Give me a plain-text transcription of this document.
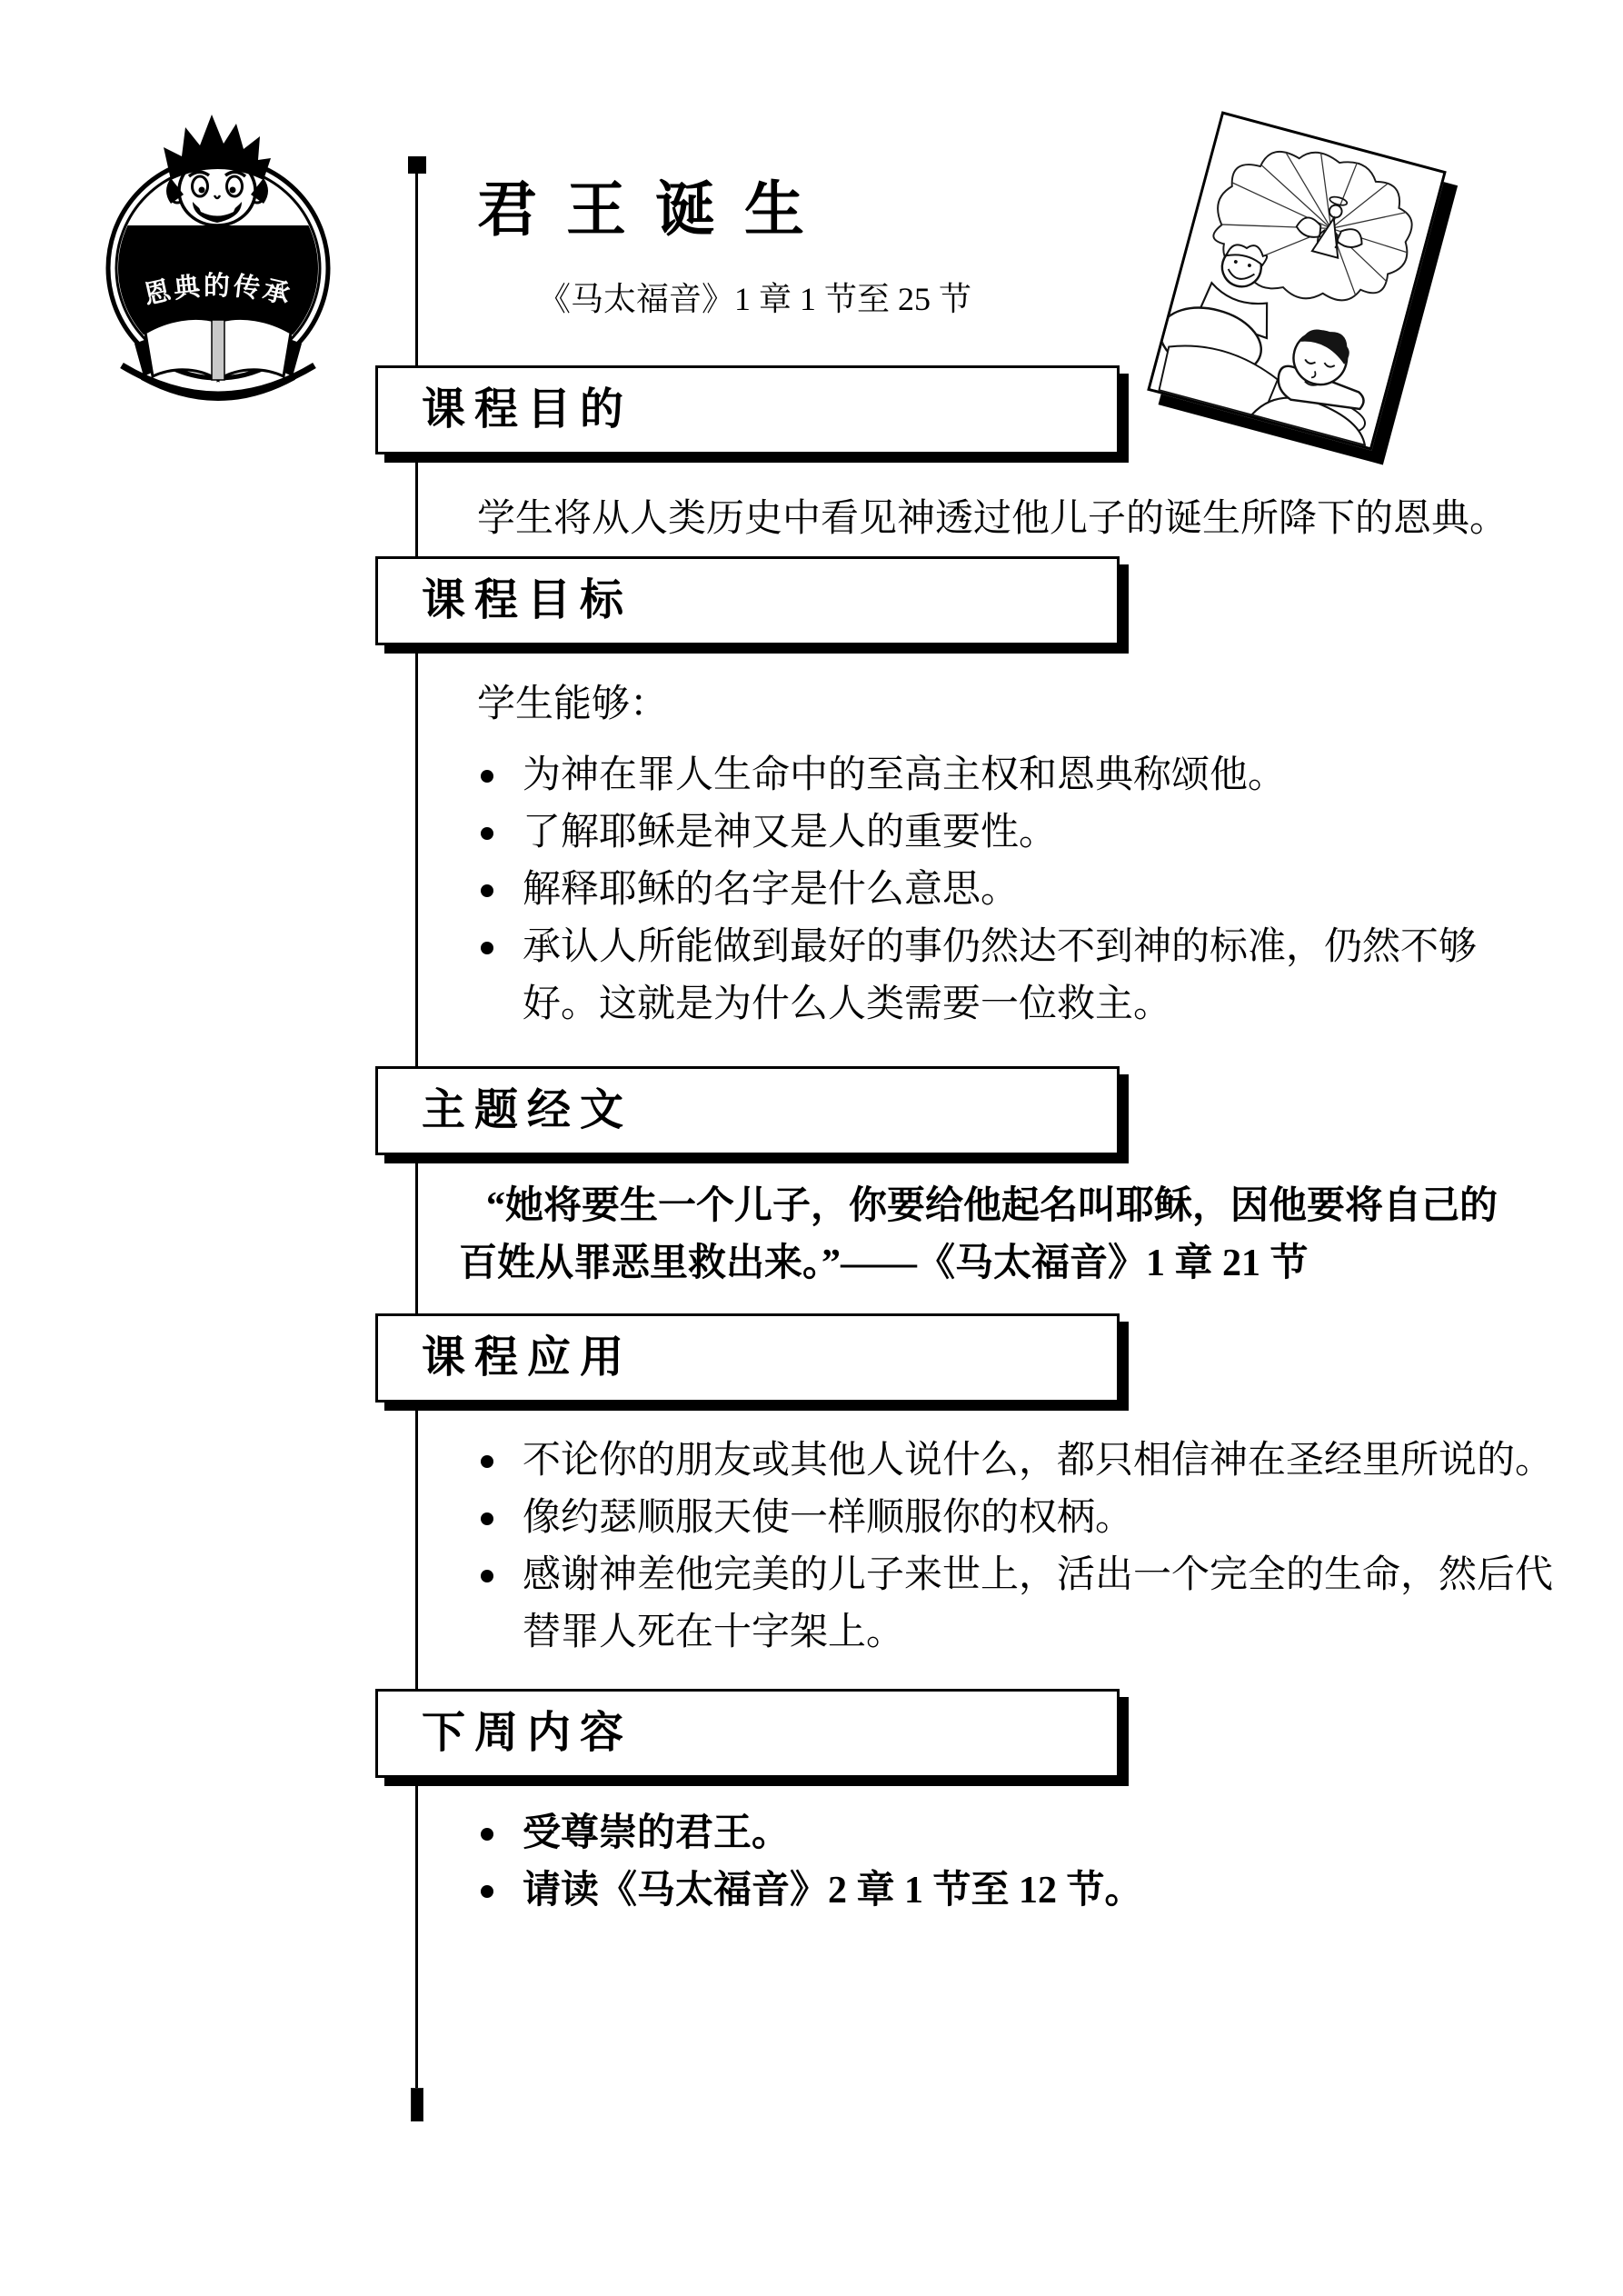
恩典的传承
君王诞生
《马太福音》1 章 1 节至 25 节
课程目的

学生将从人类历史中看见神透过他儿子的诞生所降下的恩典。

课程目标

学生能够：

为神在罪人生命中的至高主权和恩典称颂他。
了解耶稣是神又是人的重要性。
解释耶稣的名字是什么意思。
承认人所能做到最好的事仍然达不到神的标准，仍然不够
好。这就是为什么人类需要一位救主。
主题经文

“她将要生一个儿子，你要给他起名叫耶稣，因他要将自己的
百姓从罪恶里救出来。”——《马太福音》1 章 21 节

课程应用
不论你的朋友或其他人说什么，都只相信神在圣经里所说的。
像约瑟顺服天使一样顺服你的权柄。
感谢神差他完美的儿子来世上，活出一个完全的生命，然后代
替罪人死在十字架上。
下周内容
受尊崇的君王。
请读《马太福音》2 章 1 节至 12 节。
